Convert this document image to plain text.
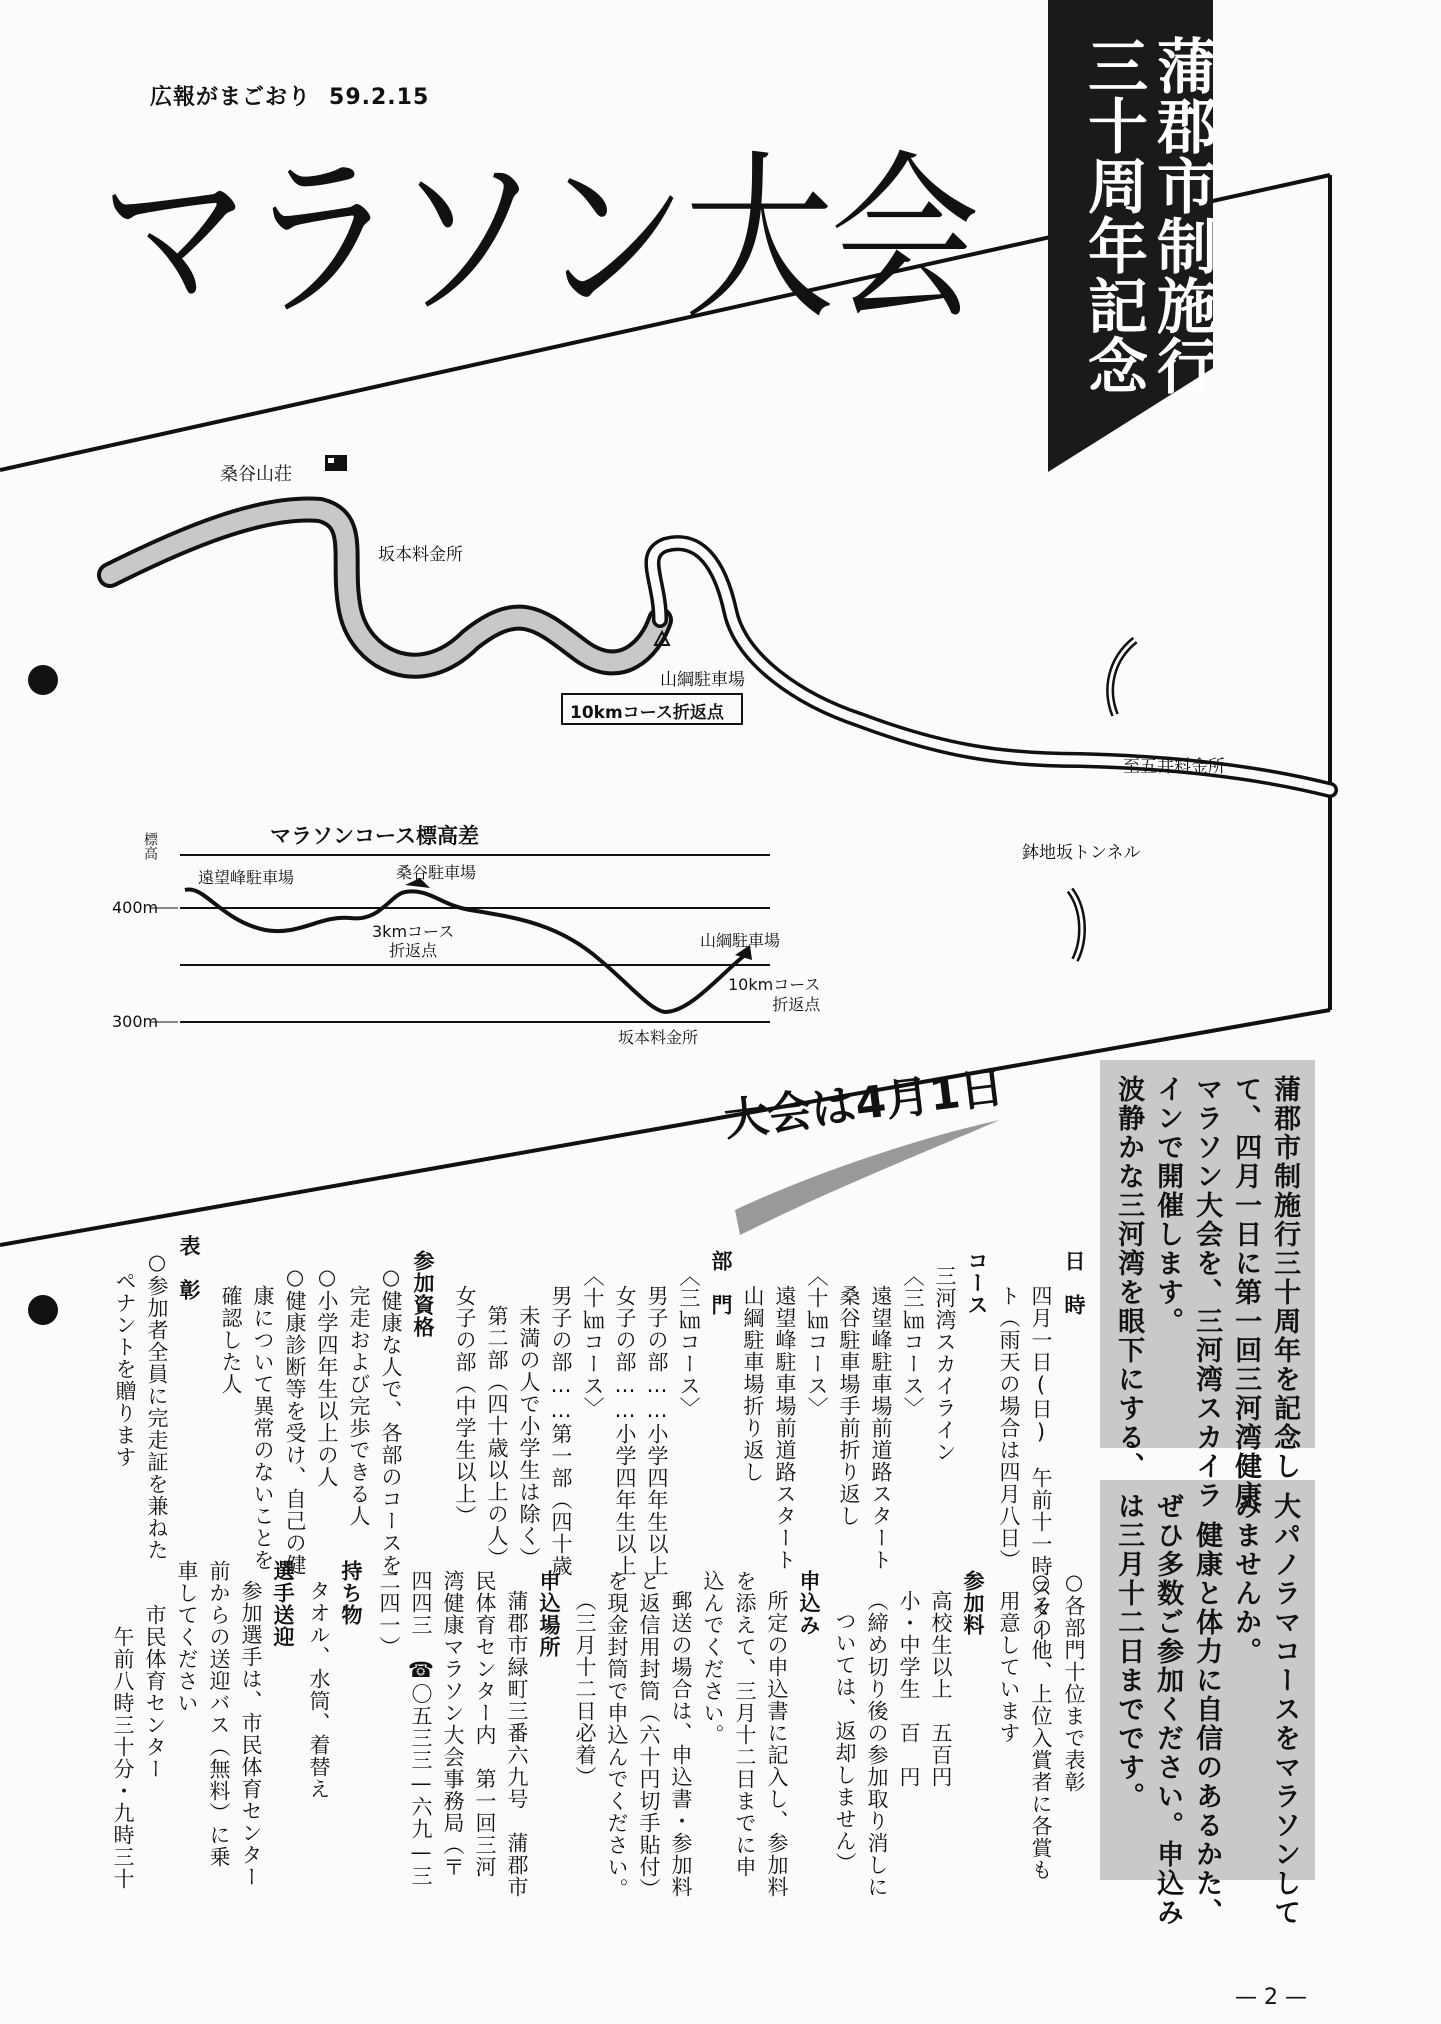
広報がまごおり 59.2.15
マラソン大会	蒲郡市制施行
三十周年記念
桑谷山荘
坂本料金所
山綱駐車場
10kmコース折返点
至五井料金所
鉢地坂トンネル
マラソンコース標高差
標高
400m
300m
遠望峰駐車場	桑谷駐車場
3kmコース
折返点
山綱駐車場
10kmコース
折返点
坂本料金所
大会は4月1日	蒲郡市制施行三十周年を記念し
て、四月一日に第一回三河湾健康
マラソン大会を、三河湾スカイラ
インで開催します。
波静かな三河湾を眼下にする、
大パノラマコースをマラソンして
みませんか。
　健康と体力に自信のあるかた、
ぜひ多数ご参加ください。申込み
は三月十二日までです。
日　時
四月一日(日)　午前十一時スター
ト（雨天の場合は四月八日）
コース
三河湾スカイライン
〈三㎞コース〉
遠望峰駐車場前道路スタート
桑谷駐車場手前折り返し
〈十㎞コース〉
遠望峰駐車場前道路スタート
山綱駐車場折り返し
部　門
〈三㎞コース〉
男子の部……小学四年生以上
女子の部……小学四年生以上
〈十㎞コース〉
男子の部……第一部（四十歳
未満の人で小学生は除く）
第二部（四十歳以上の人）
女子の部（中学生以上）
参加資格
○健康な人で、各部のコースを
完走および完歩できる人
○小学四年生以上の人
○健康診断等を受け、自己の健
康について異常のないことを
確認した人
表　彰
○参加者全員に完走証を兼ねた
ペナントを贈ります
○各部門十位まで表彰
○その他、上位入賞者に各賞も
用意しています
参加料
高校生以上　五百円
小・中学生　百　円
（締め切り後の参加取り消しに
ついては、返却しません）
申込み
所定の申込書に記入し、参加料
を添えて、三月十二日までに申
込んでください。
郵送の場合は、申込書・参加料
と返信用封筒（六十円切手貼付）
を現金封筒で申込んでください。
（三月十二日必着）
申込場所
蒲郡市緑町三番六九号　蒲郡市
民体育センター内　第一回三河
湾健康マラソン大会事務局（〒
四四三　☎〇五三三—六九—三
二四一）
持ち物
タオル、水筒、着替え
選手送迎
参加選手は、市民体育センター
前からの送迎バス（無料）に乗
車してください
　　市民体育センター
　　　午前八時三十分・九時三十
— 2 —
